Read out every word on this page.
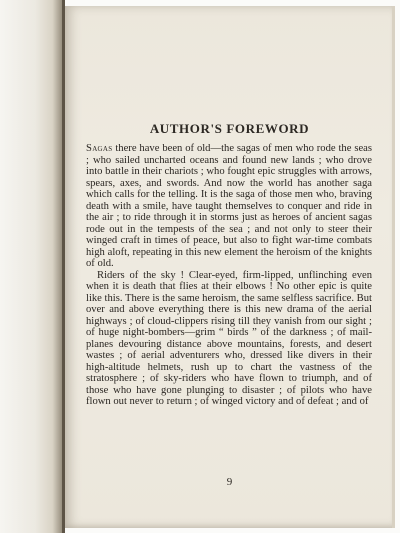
AUTHOR'S FOREWORD

Sagas there have been of old—the sagas of men who rode the seas ; who sailed uncharted oceans and found new lands ; who drove into battle in their chariots ; who fought epic struggles with arrows, spears, axes, and swords. And now the world has another saga which calls for the telling. It is the saga of those men who, braving death with a smile, have taught themselves to conquer and ride in the air ; to ride through it in storms just as heroes of ancient sagas rode out in the tempests of the sea ; and not only to steer their winged craft in times of peace, but also to fight war-time combats high aloft, repeating in this new element the heroism of the knights of old.

Riders of the sky ! Clear-eyed, firm-lipped, unflinching even when it is death that flies at their elbows ! No other epic is quite like this. There is the same heroism, the same selfless sacrifice. But over and above everything there is this new drama of the aerial highways ; of cloud-clippers rising till they vanish from our sight ; of huge night-bombers—grim “ birds ” of the darkness ; of mail-planes devouring distance above mountains, forests, and desert wastes ; of aerial adventurers who, dressed like divers in their high-altitude helmets, rush up to chart the vastness of the stratosphere ; of sky-riders who have flown to triumph, and of those who have gone plunging to disaster ; of pilots who have flown out never to return ; of winged victory and of defeat ; and of

9
